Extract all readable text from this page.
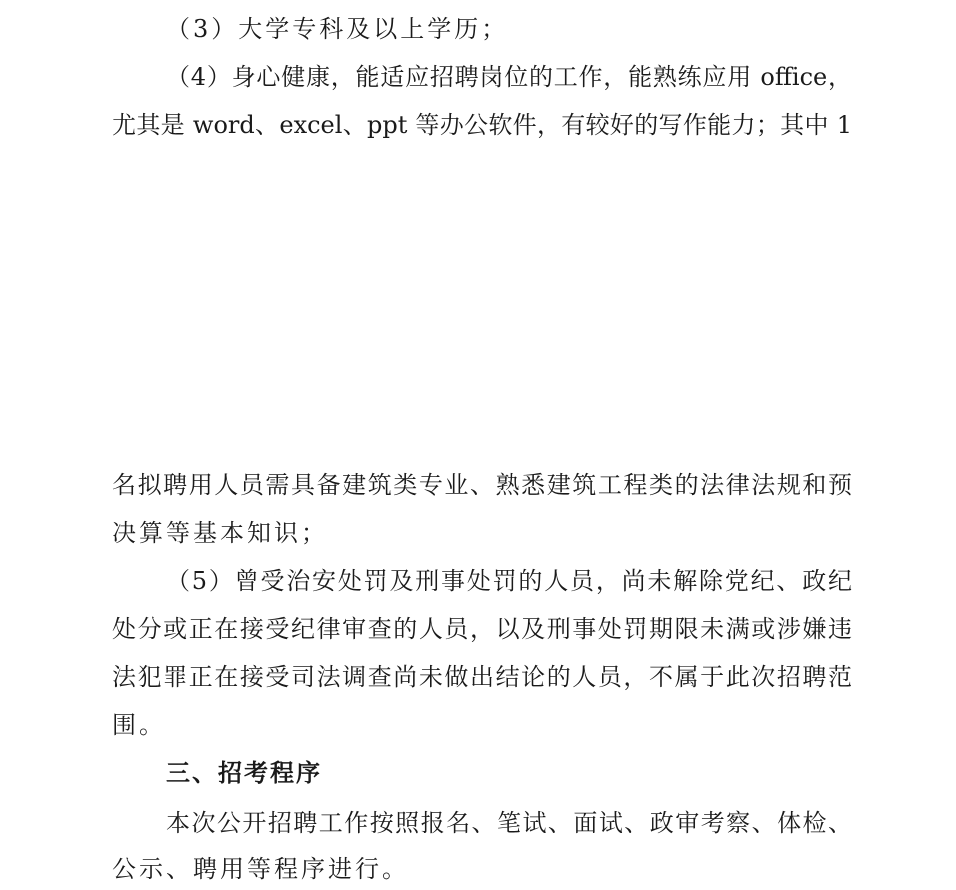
（3）大学专科及以上学历；
（4）身心健康，能适应招聘岗位的工作，能熟练应用 office，
尤其是 word、excel、ppt 等办公软件，有较好的写作能力；其中 1
名拟聘用人员需具备建筑类专业、熟悉建筑工程类的法律法规和预
决算等基本知识；
（5）曾受治安处罚及刑事处罚的人员，尚未解除党纪、政纪
处分或正在接受纪律审查的人员，以及刑事处罚期限未满或涉嫌违
法犯罪正在接受司法调查尚未做出结论的人员，不属于此次招聘范
围。
三、招考程序
本次公开招聘工作按照报名、笔试、面试、政审考察、体检、
公示、聘用等程序进行。
